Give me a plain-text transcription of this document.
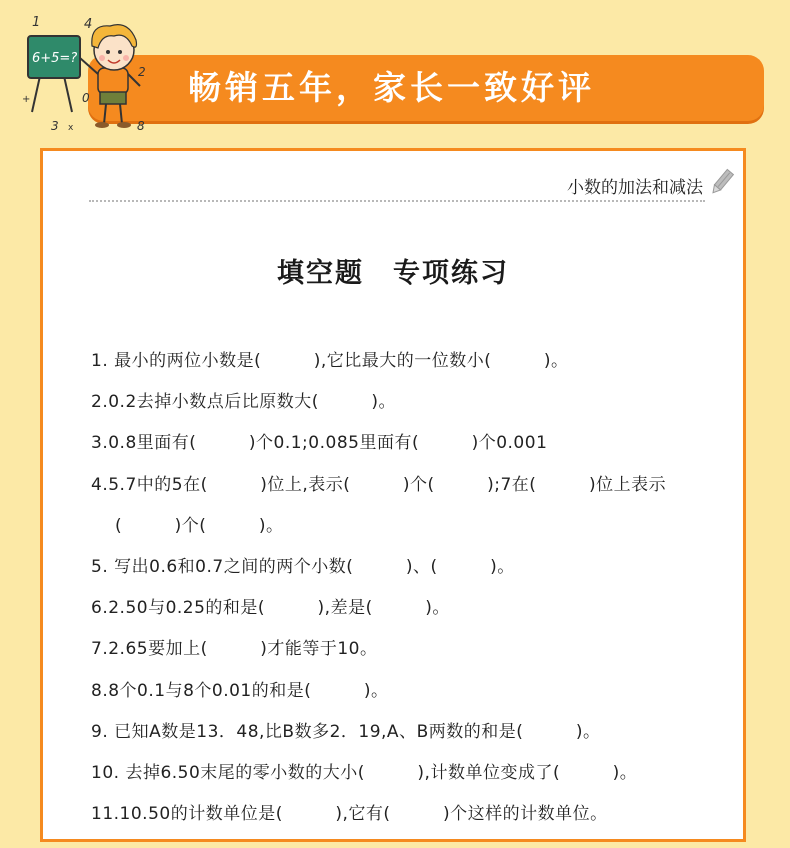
畅销五年，家长一致好评
1	4
2
0
3	8
x
+
6+5=?
小数的加法和减法
填空题　专项练习
1. 最小的两位小数是(　　　),它比最大的一位数小(　　　)。
2.0.2去掉小数点后比原数大(　　　)。
3.0.8里面有(　　　)个0.1;0.085里面有(　　　)个0.001
4.5.7中的5在(　　　)位上,表示(　　　)个(　　　);7在(　　　)位上表示
(　　　)个(　　　)。
5. 写出0.6和0.7之间的两个小数(　　　)、(　　　)。
6.2.50与0.25的和是(　　　),差是(　　　)。
7.2.65要加上(　　　)才能等于10。
8.8个0.1与8个0.01的和是(　　　)。
9. 已知A数是13．48,比B数多2．19,A、B两数的和是(　　　)。
10. 去掉6.50末尾的零小数的大小(　　　),计数单位变成了(　　　)。
11.10.50的计数单位是(　　　),它有(　　　)个这样的计数单位。
